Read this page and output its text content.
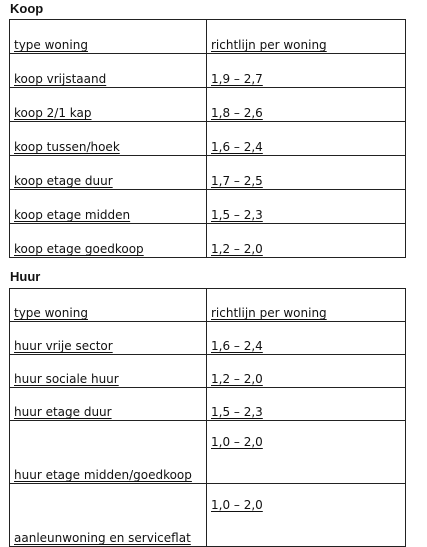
Koop
type woning	richtlijn per woning
koop vrijstaand	1,9 – 2,7
koop 2/1 kap	1,8 – 2,6
koop tussen/hoek	1,6 – 2,4
koop etage duur	1,7 – 2,5
koop etage midden	1,5 – 2,3
koop etage goedkoop	1,2 – 2,0
Huur
type woning	richtlijn per woning
huur vrije sector	1,6 – 2,4
huur sociale huur	1,2 – 2,0
huur etage duur	1,5 – 2,3
huur etage midden/goedkoop	1,0 – 2,0
aanleunwoning en serviceflat	1,0 – 2,0
